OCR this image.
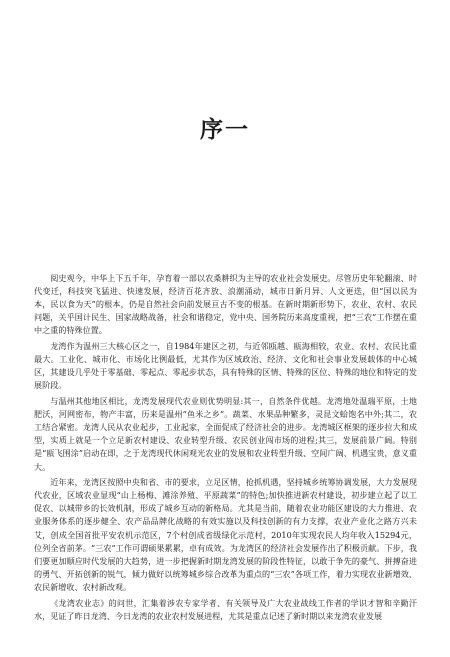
序一

阅史观今，中华上下五千年，孕育着一部以农桑耕织为主导的农业社会发展史。尽管历史年轮翻滚、时代变迁，科技突飞猛进、快速发展，经济百花齐放、浪潮涌动，城市日新月异、人文更迭，但“国以民为本，民以食为天”的根本，仍是自然社会向前发展亘古不变的根基。在新时期新形势下，农业、农村、农民问题，关乎国计民生、国家战略战备，社会和谐稳定，党中央、国务院历来高度重视，把“三农”工作摆在重中之重的特殊位置。

龙湾作为温州三大核心区之一，自1984年建区之初，与近邻瓯越、瓯海相较，农业、农村、农民比重最大。工业化、城市化、市场化比例最低，尤其作为区域政治、经济、文化和社会事业发展载体的中心城区，其建设几乎处于零基础、零起点、零起步状态，具有特殊的区情、特殊的区位、特殊的地位和特定的发展阶段。

与温州其他地区相比，龙湾发展现代农业则优势明显:其一，自然条件优越。龙湾地处温瑞平原，土地肥沃，河网密布，物产丰富，历来是温州“鱼米之乡”。蔬菜、水果品种繁多，灵昆文蛤饱名中外;其二，农工结合紧密。龙湾人民从农业起步，工业起家，全面促成了经济社会的进步。龙湾城区框架的逐步拉大和成型，实质上就是一个立足新农村建设、农业转型升级、农民创业闯市场的进程;其三，发展前景广阔。特别是“瓯飞围涂”启动在即，之于龙湾现代休闲观光农业的发展和农业转型升级、空间广阔、机遇宝贵，意义重大。

近年来，龙湾区按照中央和省、市的要求，立足区情，抢抓机遇，坚持城乡统筹协调发展，大力发展现代农业，区域农业显现“山上杨梅、滩涂养殖、平原蔬菜”的特色;加快推进新农村建设，初步建立起了以工促农、以城带乡的长效机制，形成了城乡互动的新格局。尤其是当前，随着农业功能区建设的大力推进、农业服务体系的逐步健全、农产品品牌化战略的有效实施以及科技创新的有力支撑，农业产业化之路方兴未艾，创成全国首批平安农机示范区，7个村创成省级绿化示范村，2010年实现农民人均年收入15294元，位列全省前茅。“三农”工作可谓硕果累累，卓有成效。为龙湾区的经济社会发展作出了积极贡献。下步，我们要更加顺应时代发展的大趋势，进一步把握新时期龙湾发展的阶段性特征，以敢于争先的豪气、拼搏奋进的勇气、开拓创新的锐气，倾力做好以统筹城乡综合改革为重点的“三农”各项工作，着力实现农业新增效、农民新增收、农村新改观。

《龙湾农业志》的问世，汇集着涉农专家学者、有关领导及广大农业战线工作者的学识才智和辛勤汗水，见证了昨日龙湾、今日龙湾的农业农村发展进程，尤其是重点记述了新时期以来龙湾农业发展
